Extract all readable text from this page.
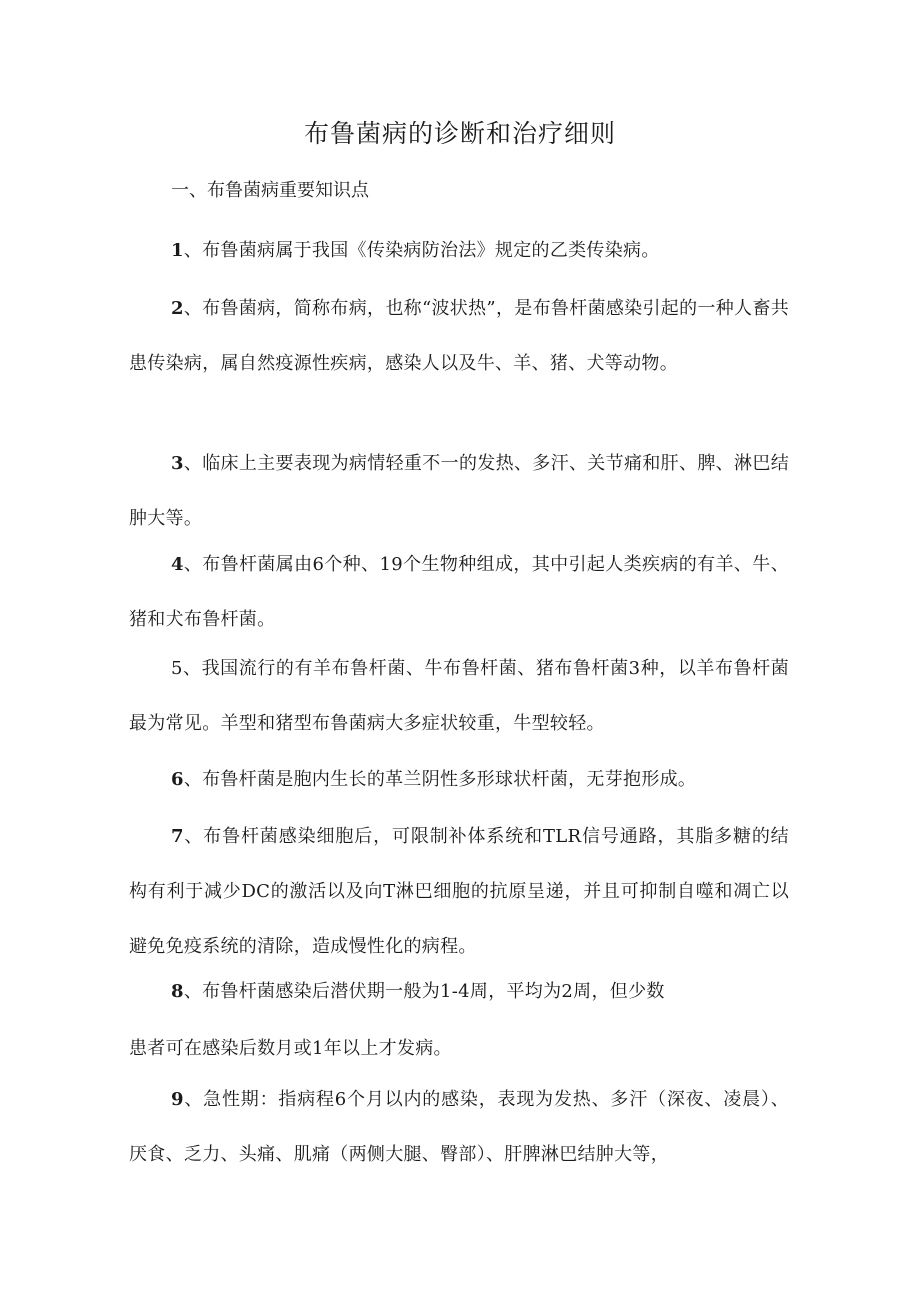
布鲁菌病的诊断和治疗细则

一、布鲁菌病重要知识点

1、布鲁菌病属于我国《传染病防治法》规定的乙类传染病。

2、布鲁菌病，简称布病，也称“波状热”，是布鲁杆菌感染引起的一种人畜共患传染病，属自然疫源性疾病，感染人以及牛、羊、猪、犬等动物。

3、临床上主要表现为病情轻重不一的发热、多汗、关节痛和肝、脾、淋巴结肿大等。

4、布鲁杆菌属由6个种、19个生物种组成，其中引起人类疾病的有羊、牛、猪和犬布鲁杆菌。

5、我国流行的有羊布鲁杆菌、牛布鲁杆菌、猪布鲁杆菌3种，以羊布鲁杆菌最为常见。羊型和猪型布鲁菌病大多症状较重，牛型较轻。

6、布鲁杆菌是胞内生长的革兰阴性多形球状杆菌，无芽抱形成。

7、布鲁杆菌感染细胞后，可限制补体系统和TLR信号通路，其脂多糖的结构有利于减少DC的激活以及向T淋巴细胞的抗原呈递，并且可抑制自噬和凋亡以避免免疫系统的清除，造成慢性化的病程。

8、布鲁杆菌感染后潜伏期一般为1-4周，平均为2周，但少数

患者可在感染后数月或1年以上才发病。

9、急性期：指病程6个月以内的感染，表现为发热、多汗（深夜、凌晨）、厌食、乏力、头痛、肌痛（两侧大腿、臀部）、肝脾淋巴结肿大等，
